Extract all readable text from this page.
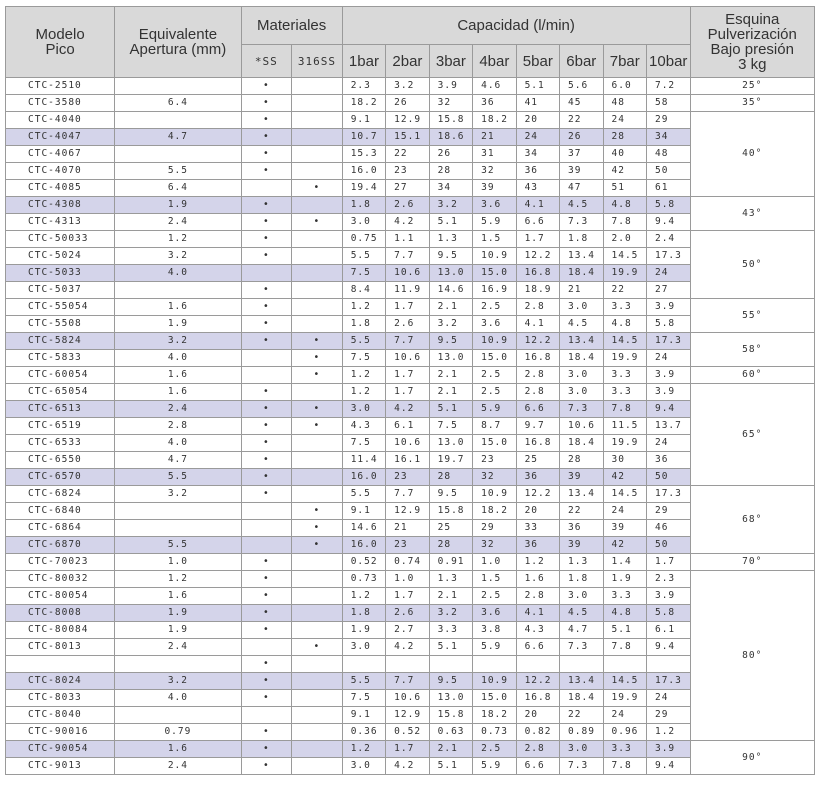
Modelo
Pico	Equivalente
Apertura (mm)	Materiales		Capacidad (l/min)								Esquina
Pulverización
Bajo presión
3 kg
		*SS	316SS	1bar	2bar	3bar	4bar	5bar	6bar	7bar	10bar	
CTC-2510		•		2.3	3.2	3.9	4.6	5.1	5.6	6.0	7.2	25°
CTC-3580	6.4	•		18.2	26	32	36	41	45	48	58	35°
CTC-4040		•		9.1	12.9	15.8	18.2	20	22	24	29	40°
CTC-4047	4.7	•		10.7	15.1	18.6	21	24	26	28	34	
CTC-4067		•		15.3	22	26	31	34	37	40	48	
CTC-4070	5.5	•		16.0	23	28	32	36	39	42	50	
CTC-4085	6.4		•	19.4	27	34	39	43	47	51	61	
CTC-4308	1.9	•		1.8	2.6	3.2	3.6	4.1	4.5	4.8	5.8	43°
CTC-4313	2.4	•	•	3.0	4.2	5.1	5.9	6.6	7.3	7.8	9.4	
CTC-50033	1.2	•		0.75	1.1	1.3	1.5	1.7	1.8	2.0	2.4	50°
CTC-5024	3.2	•		5.5	7.7	9.5	10.9	12.2	13.4	14.5	17.3	
CTC-5033	4.0			7.5	10.6	13.0	15.0	16.8	18.4	19.9	24	
CTC-5037		•		8.4	11.9	14.6	16.9	18.9	21	22	27	
CTC-55054	1.6	•		1.2	1.7	2.1	2.5	2.8	3.0	3.3	3.9	55°
CTC-5508	1.9	•		1.8	2.6	3.2	3.6	4.1	4.5	4.8	5.8	
CTC-5824	3.2	•	•	5.5	7.7	9.5	10.9	12.2	13.4	14.5	17.3	58°
CTC-5833	4.0		•	7.5	10.6	13.0	15.0	16.8	18.4	19.9	24	
CTC-60054	1.6		•	1.2	1.7	2.1	2.5	2.8	3.0	3.3	3.9	60°
CTC-65054	1.6	•		1.2	1.7	2.1	2.5	2.8	3.0	3.3	3.9	65°
CTC-6513	2.4	•	•	3.0	4.2	5.1	5.9	6.6	7.3	7.8	9.4	
CTC-6519	2.8	•	•	4.3	6.1	7.5	8.7	9.7	10.6	11.5	13.7	
CTC-6533	4.0	•		7.5	10.6	13.0	15.0	16.8	18.4	19.9	24	
CTC-6550	4.7	•		11.4	16.1	19.7	23	25	28	30	36	
CTC-6570	5.5	•		16.0	23	28	32	36	39	42	50	
CTC-6824	3.2	•		5.5	7.7	9.5	10.9	12.2	13.4	14.5	17.3	68°
CTC-6840			•	9.1	12.9	15.8	18.2	20	22	24	29	
CTC-6864			•	14.6	21	25	29	33	36	39	46	
CTC-6870	5.5		•	16.0	23	28	32	36	39	42	50	
CTC-70023	1.0	•		0.52	0.74	0.91	1.0	1.2	1.3	1.4	1.7	70°
CTC-80032	1.2	•		0.73	1.0	1.3	1.5	1.6	1.8	1.9	2.3	80°
CTC-80054	1.6	•		1.2	1.7	2.1	2.5	2.8	3.0	3.3	3.9	
CTC-8008	1.9	•		1.8	2.6	3.2	3.6	4.1	4.5	4.8	5.8	
CTC-80084	1.9	•		1.9	2.7	3.3	3.8	4.3	4.7	5.1	6.1	
CTC-8013	2.4		•	3.0	4.2	5.1	5.9	6.6	7.3	7.8	9.4	
		•										
CTC-8024	3.2	•		5.5	7.7	9.5	10.9	12.2	13.4	14.5	17.3	
CTC-8033	4.0	•		7.5	10.6	13.0	15.0	16.8	18.4	19.9	24	
CTC-8040				9.1	12.9	15.8	18.2	20	22	24	29	
CTC-90016	0.79	•		0.36	0.52	0.63	0.73	0.82	0.89	0.96	1.2	
CTC-90054	1.6	•		1.2	1.7	2.1	2.5	2.8	3.0	3.3	3.9	90°
CTC-9013	2.4	•		3.0	4.2	5.1	5.9	6.6	7.3	7.8	9.4	
